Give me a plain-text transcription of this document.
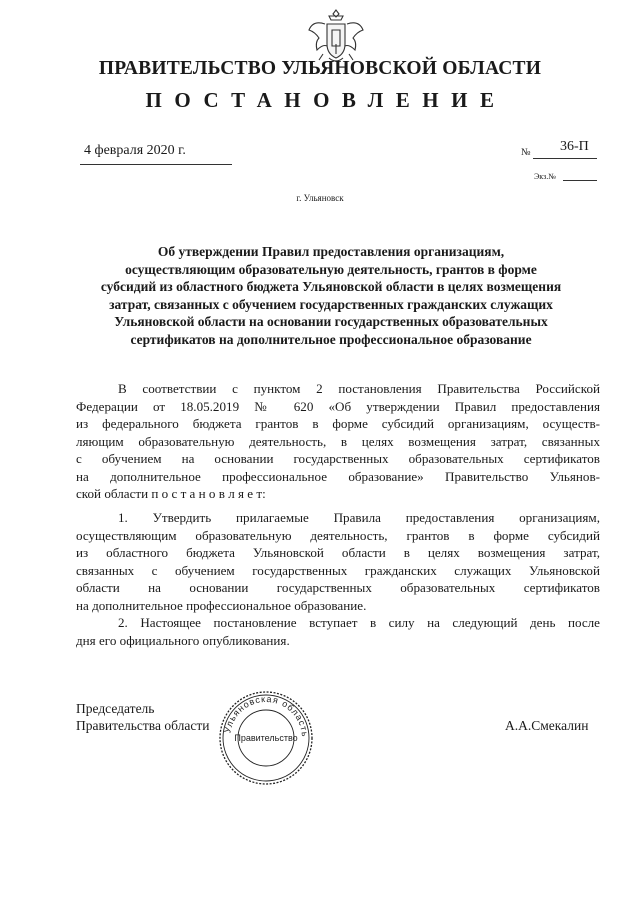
ПРАВИТЕЛЬСТВО УЛЬЯНОВСКОЙ ОБЛАСТИ
ПОСТАНОВЛЕНИЕ
4 февраля 2020 г.	№ 36-П
Экз.№
г. Ульяновск
Об утверждении Правил предоставления организациям,
осуществляющим образовательную деятельность, грантов в форме
субсидий из областного бюджета Ульяновской области в целях возмещения
затрат, связанных с обучением государственных гражданских служащих
Ульяновской области на основании государственных образовательных
сертификатов на дополнительное профессиональное образование
В соответствии с пунктом 2 постановления Правительства Российской
Федерации от 18.05.2019 № 620 «Об утверждении Правил предоставления
из федерального бюджета грантов в форме субсидий организациям, осуществ-
ляющим образовательную деятельность, в целях возмещения затрат, связанных
с обучением на основании государственных образовательных сертификатов
на дополнительное профессиональное образование» Правительство Ульянов-
ской области п о с т а н о в л я е т:
1. Утвердить прилагаемые Правила предоставления организациям,
осуществляющим образовательную деятельность, грантов в форме субсидий
из областного бюджета Ульяновской области в целях возмещения затрат,
связанных с обучением государственных гражданских служащих Ульяновской
области на основании государственных образовательных сертификатов
на дополнительное профессиональное образование.
2. Настоящее постановление вступает в силу на следующий день после
дня его официального опубликования.
Председатель
Правительства области	А.А.Смекалин
Ульяновская область
Правительство
